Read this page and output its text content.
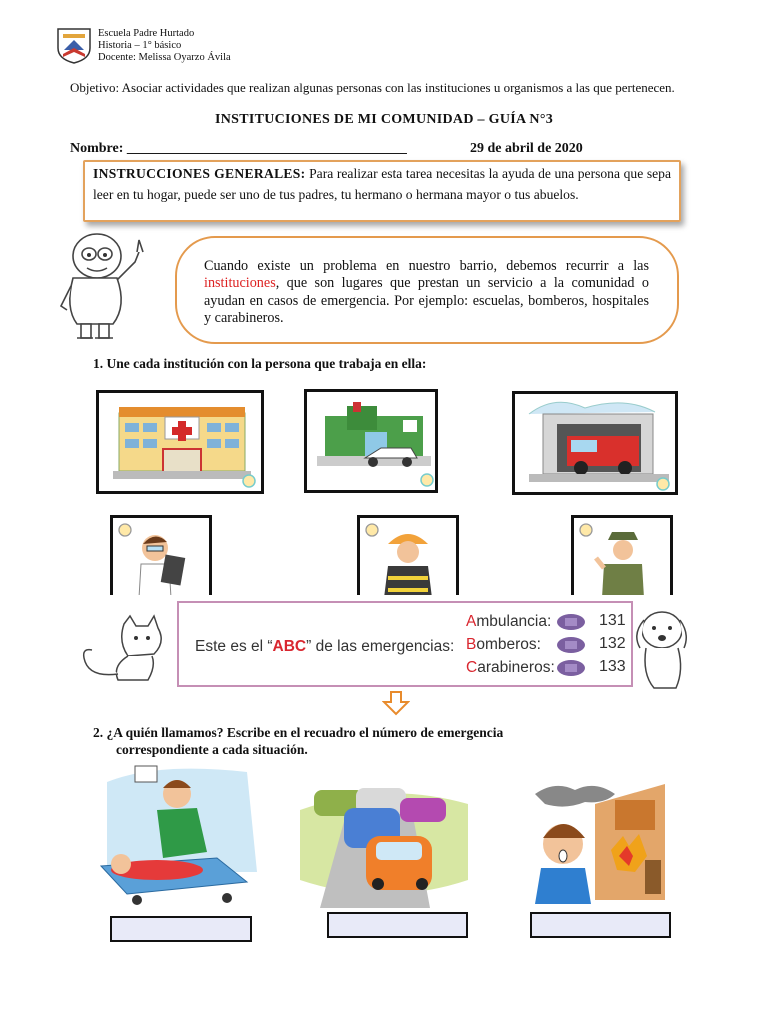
Escuela Padre Hurtado
Historia – 1° básico
Docente: Melissa Oyarzo Ávila
Objetivo: Asociar actividades que realizan algunas personas con las instituciones u organismos a las que pertenecen.
INSTITUCIONES DE MI COMUNIDAD – GUÍA N°3
Nombre: ________________________________________	29 de abril de 2020
INSTRUCCIONES GENERALES: Para realizar esta tarea necesitas la ayuda de una persona que sepa leer en tu hogar, puede ser uno de tus padres, tu hermano o hermana mayor o tus abuelos.
Cuando existe un problema en nuestro barrio, debemos recurrir a las instituciones, que son lugares que prestan un servicio a la comunidad o ayudan en casos de emergencia. Por ejemplo: escuelas, bomberos, hospitales y carabineros.
1. Une cada institución con la persona que trabaja en ella:
Este es el “ABC” de las emergencias:
Ambulancia:	131
Bomberos:	132
Carabineros:	133
2. ¿A quién llamamos? Escribe en el recuadro el número de emergencia
correspondiente a cada situación.
